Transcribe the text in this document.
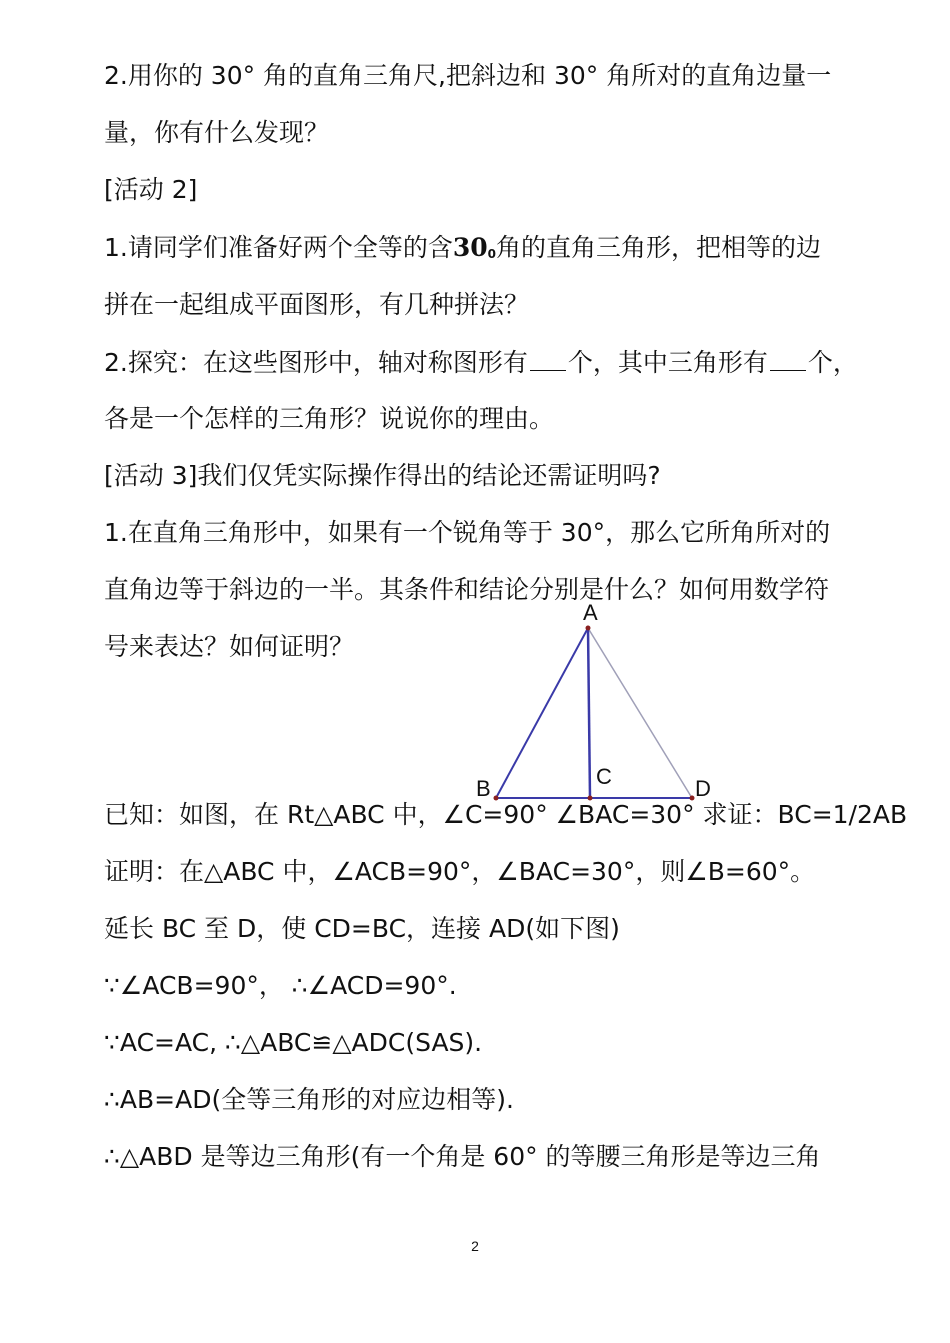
2.用你的 30° 角的直角三角尺,把斜边和 30° 角所对的直角边量一
量，你有什么发现？
[活动 2]
1.请同学们准备好两个全等的含300角的直角三角形，把相等的边
拼在一起组成平面图形，有几种拼法？
2.探究：在这些图形中，轴对称图形有 个，其中三角形有 个，
各是一个怎样的三角形？说说你的理由。
[活动 3]我们仅凭实际操作得出的结论还需证明吗?
1.在直角三角形中，如果有一个锐角等于 30°，那么它所角所对的
直角边等于斜边的一半。其条件和结论分别是什么？如何用数学符
号来表达？如何证明？
A
B	C	D
已知：如图，在 Rt△ABC 中，∠C=90° ∠BAC=30° 求证：BC=1/2AB
证明：在△ABC 中，∠ACB=90°，∠BAC=30°，则∠B=60°。
延长 BC 至 D，使 CD=BC，连接 AD(如下图)
∵∠ACB=90°， ∴∠ACD=90°.
∵AC=AC, ∴△ABC≌△ADC(SAS).
∴AB=AD(全等三角形的对应边相等).
∴△ABD 是等边三角形(有一个角是 60° 的等腰三角形是等边三角
2
